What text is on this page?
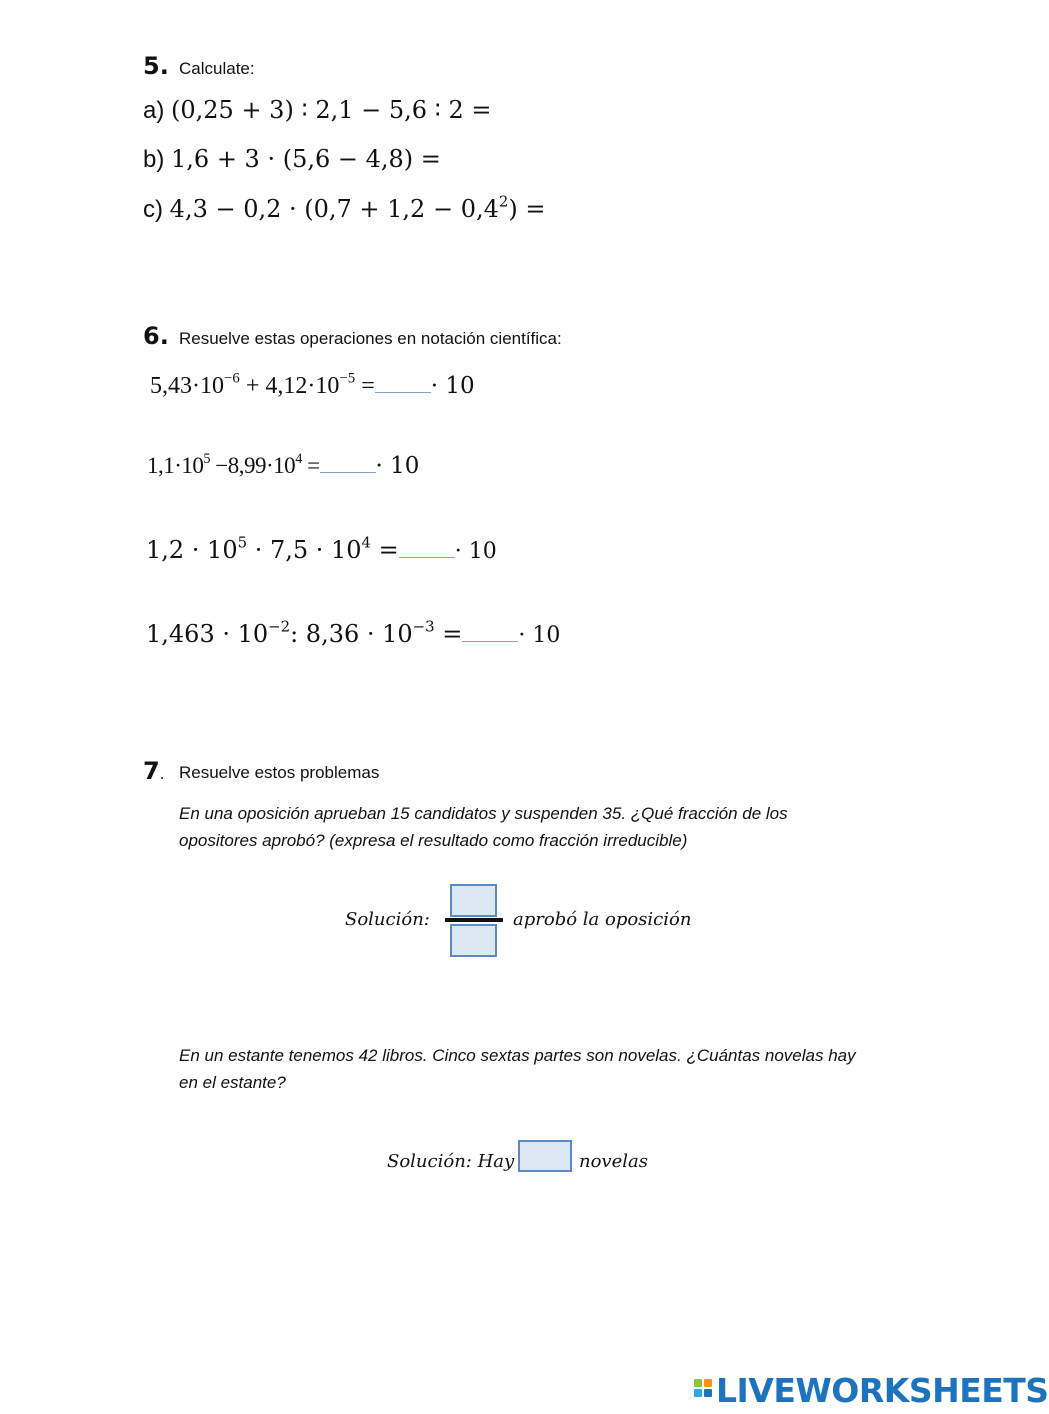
5. Calculate:
a) (0,25 + 3) ∶ 2,1 − 5,6 ∶ 2 =
b) 1,6 + 3 · (5,6 − 4,8) =
c) $4,3 - 0,2 \cdot (0,7 + 1,2 - 0,4^2)$ =
6. Resuelve estas operaciones en notación científica:
$5,43\cdot 10^{-6} + 4,12\cdot 10^{-5}$ = · 10
$1,1\cdot 10^5 -8,99\cdot 10^4$ = · 10
$1,2 \cdot 10^5 \cdot 7,5 \cdot 10^4$ =	· 10
$1,463 \cdot 10^{-2}$: $8,36 \cdot 10^{-3}$ =	· 10
7. Resuelve estos problemas
En una oposición aprueban 15 candidatos y suspenden 35. ¿Qué fracción de los opositores aprobó? (expresa el resultado como fracción irreducible)
Solución:	aprobó la oposición
En un estante tenemos 42 libros. Cinco sextas partes son novelas. ¿Cuántas novelas hay en el estante?
Solución: Hay	novelas
LIVEWORKSHEETS
